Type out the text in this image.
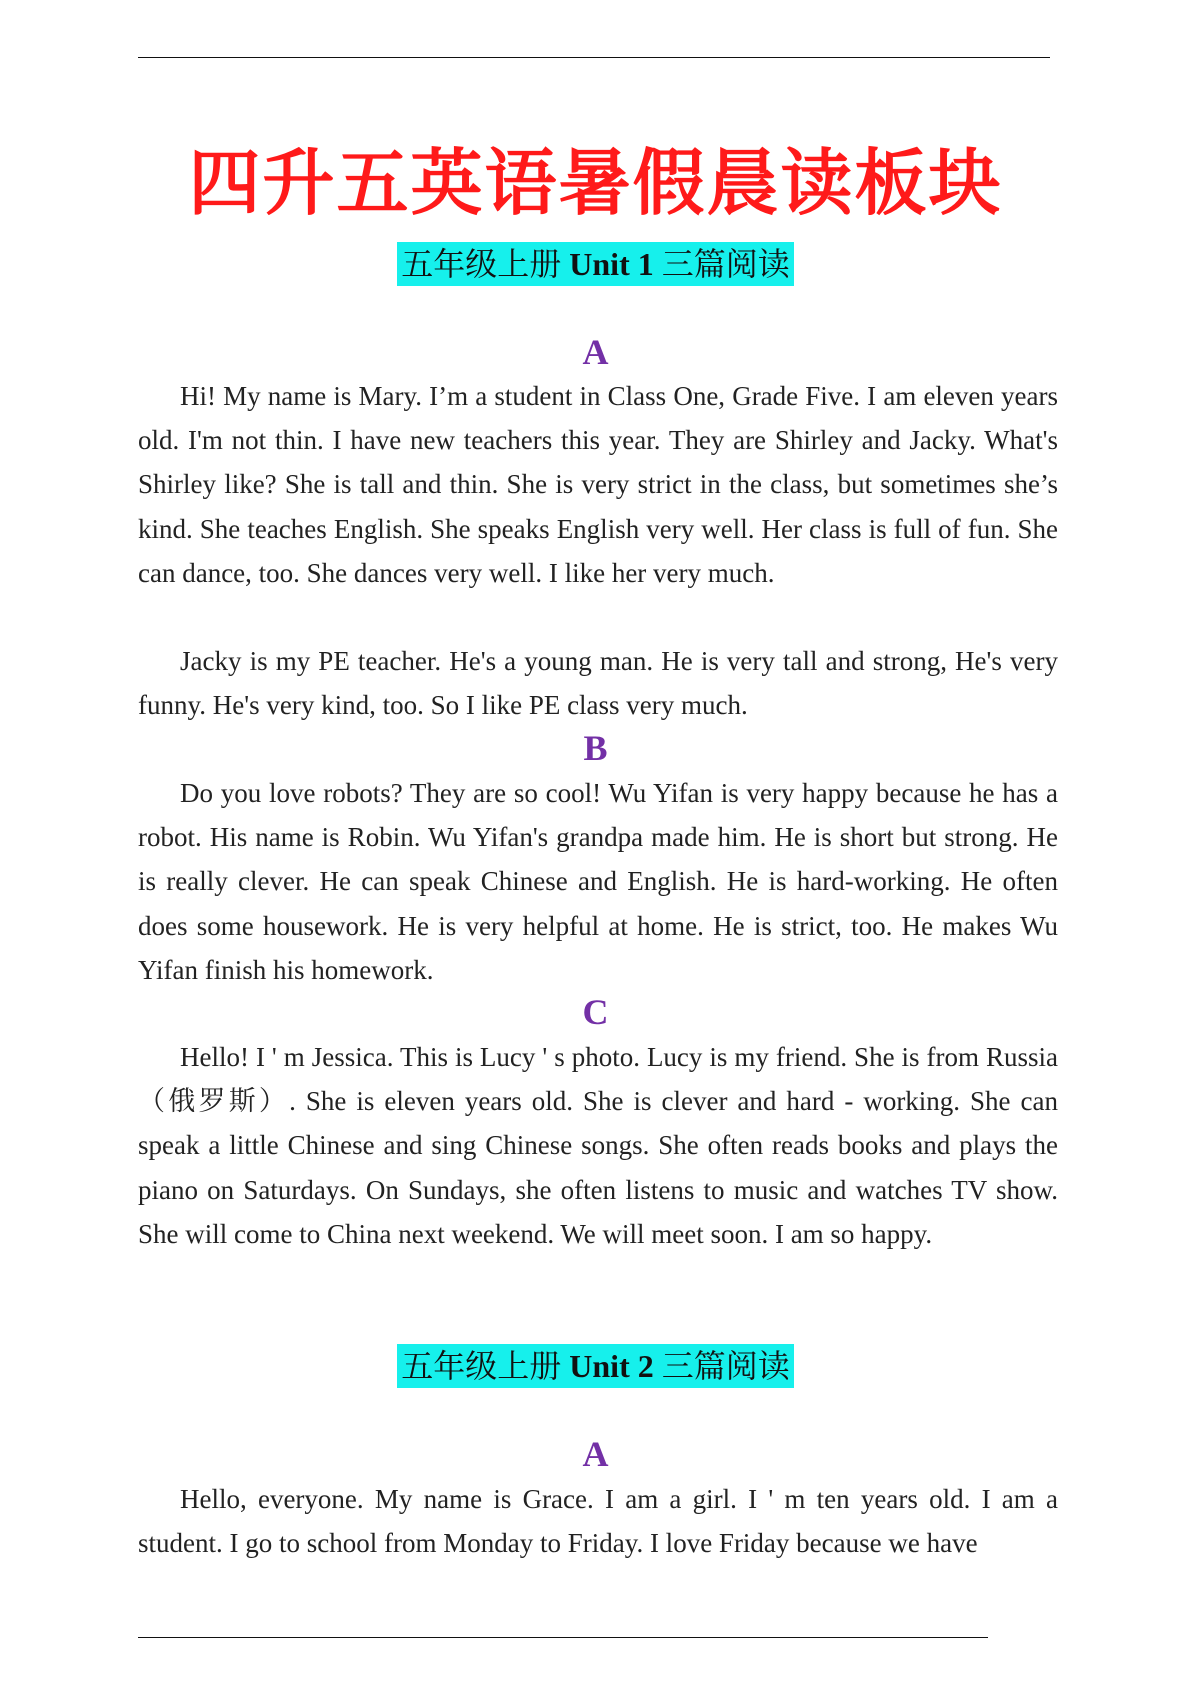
四升五英语暑假晨读板块
五年级上册 Unit 1 三篇阅读
A

Hi! My name is Mary. I’m a student in Class One, Grade Five. I am eleven years old. I'm not thin. I have new teachers this year. They are Shirley and Jacky. What's Shirley like? She is tall and thin. She is very strict in the class, but sometimes she’s kind. She teaches English. She speaks English very well. Her class is full of fun. She can dance, too. She dances very well. I like her very much.

Jacky is my PE teacher. He's a young man. He is very tall and strong, He's very funny. He's very kind, too. So I like PE class very much.

B

Do you love robots? They are so cool! Wu Yifan is very happy because he has a robot. His name is Robin. Wu Yifan's grandpa made him. He is short but strong. He is really clever. He can speak Chinese and English. He is hard-working. He often does some housework. He is very helpful at home. He is strict, too. He makes Wu Yifan finish his homework.

C

Hello! I ' m Jessica. This is Lucy ' s photo. Lucy is my friend. She is from Russia（俄罗斯）. She is eleven years old. She is clever and hard - working. She can speak a little Chinese and sing Chinese songs. She often reads books and plays the piano on Saturdays. On Sundays, she often listens to music and watches TV show. She will come to China next weekend. We will meet soon. I am so happy.

五年级上册 Unit 2 三篇阅读
A

Hello, everyone. My name is Grace. I am a girl. I ' m ten years old. I am a student. I go to school from Monday to Friday. I love Friday because we have
